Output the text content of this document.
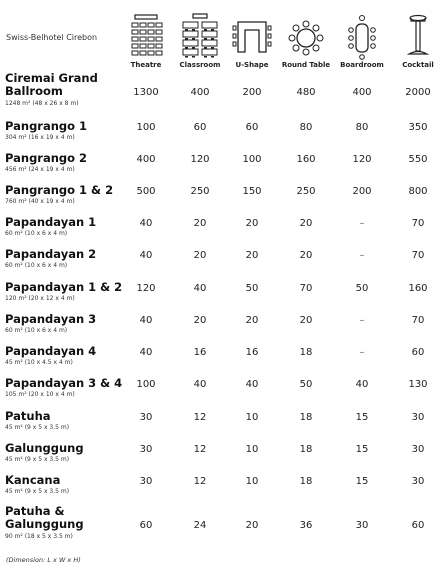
Swiss-Belhotel Cirebon
Theatre	Classroom	U-Shape	Round Table	Boardroom	Cocktail
Ciremai Grand Ballroom
1248 m² (48 x 26 x 8 m)
1300	400	200	480	400	2000
Pangrango 1
304 m² (16 x 19 x 4 m)
100	60	60	80	80	350
Pangrango 2
456 m² (24 x 19 x 4 m)
400	120	100	160	120	550
Pangrango 1 & 2
760 m² (40 x 19 x 4 m)
500	250	150	250	200	800
Papandayan 1
60 m² (10 x 6 x 4 m)
40	20	20	20	–	70
Papandayan 2
60 m² (10 x 6 x 4 m)
40	20	20	20	–	70
Papandayan 1 & 2
120 m² (20 x 12 x 4 m)
120	40	50	70	50	160
Papandayan 3
60 m² (10 x 6 x 4 m)
40	20	20	20	–	70
Papandayan 4
45 m² (10 x 4.5 x 4 m)
40	16	16	18	–	60
Papandayan 3 & 4
105 m² (20 x 10 x 4 m)
100	40	40	50	40	130
Patuha
45 m² (9 x 5 x 3.5 m)
30	12	10	18	15	30
Galunggung
45 m² (9 x 5 x 3.5 m)
30	12	10	18	15	30
Kancana
45 m² (9 x 5 x 3.5 m)
30	12	10	18	15	30
Patuha & Galunggung
90 m² (18 x 5 x 3.5 m)
60	24	20	36	30	60
(Dimension: L x W x H)
